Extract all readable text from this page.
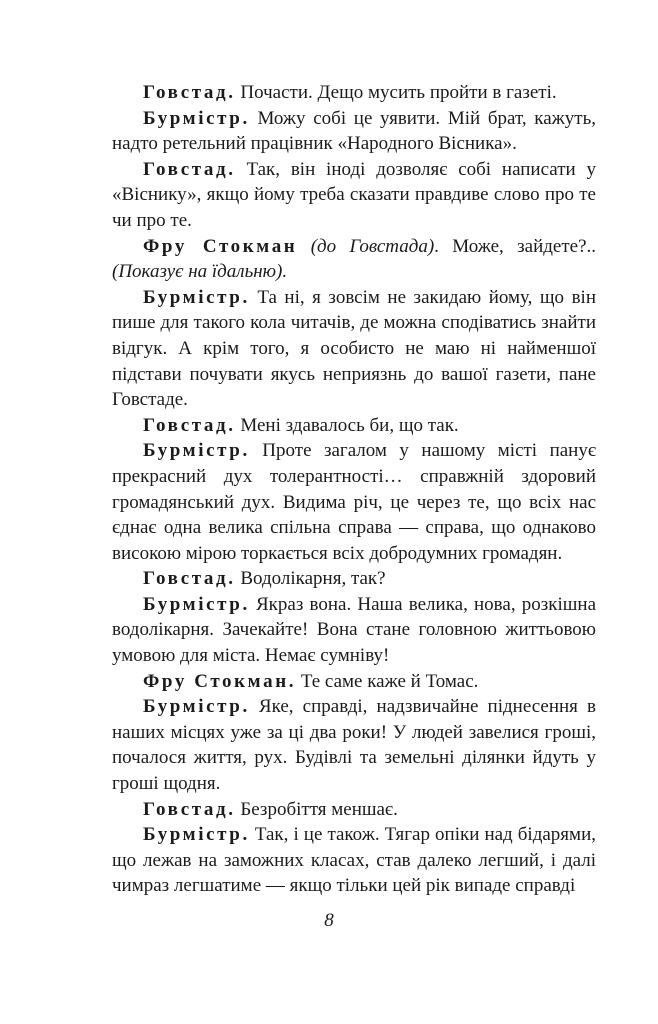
Говстад. Почасти. Дещо мусить пройти в газеті.

Бурмістр. Можу собі це уявити. Мій брат, кажуть, надто ретельний працівник «Народного Вісника».

Говстад. Так, він іноді дозволяє собі написати у «Віснику», якщо йому треба сказати правдиве слово про те чи про те.

Фру Стокман (до Говстада). Може, зайдете?.. (Показує на їдальню).

Бурмістр. Та ні, я зовсім не закидаю йому, що він пише для такого кола читачів, де можна сподіватись знайти відгук. А крім того, я особисто не маю ні найменшої підстави почувати якусь неприязнь до вашої газети, пане Говстаде.

Говстад. Мені здавалось би, що так.

Бурмістр. Проте загалом у нашому місті панує прекрасний дух толерантності… справжній здоровий громадянський дух. Видима річ, це через те, що всіх нас єднає одна велика спільна справа — справа, що однаково високою мірою торкається всіх добродумних громадян.

Говстад. Водолікарня, так?

Бурмістр. Якраз вона. Наша велика, нова, розкішна водолікарня. Зачекайте! Вона стане головною життьовою умовою для міста. Немає сумніву!

Фру Стокман. Те саме каже й Томас.

Бурмістр. Яке, справді, надзвичайне піднесення в наших місцях уже за ці два роки! У людей завелися гроші, почалося життя, рух. Будівлі та земельні ділянки йдуть у гроші щодня.

Говстад. Безробіття меншає.

Бурмістр. Так, і це також. Тягар опіки над бідарями, що лежав на заможних класах, став далеко легший, і далі чимраз легшатиме — якщо тільки цей рік випаде справді

8
